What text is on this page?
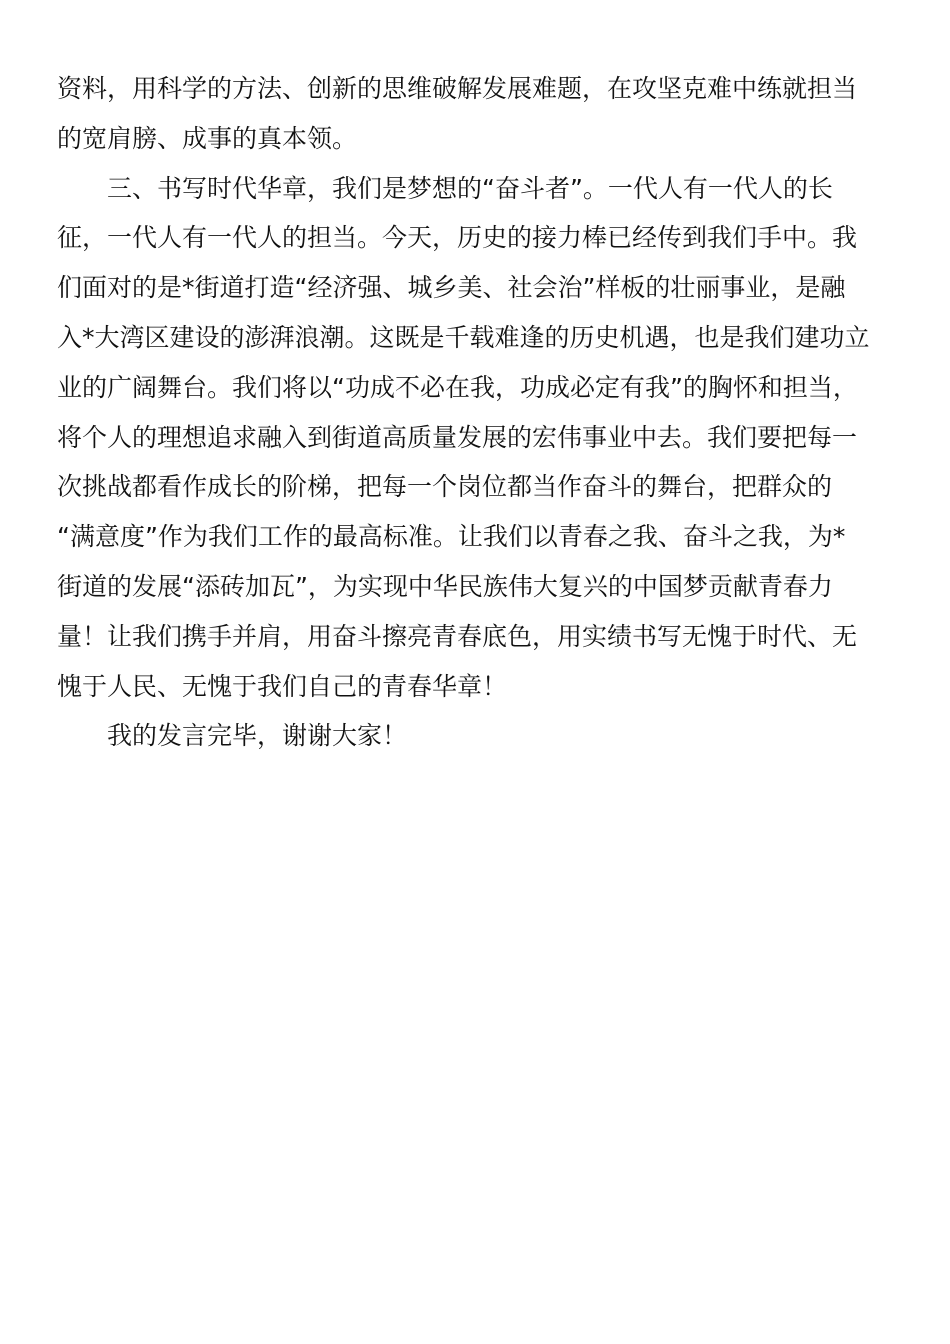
资料，用科学的方法、创新的思维破解发展难题，在攻坚克难中练就担当
的宽肩膀、成事的真本领。
三、书写时代华章，我们是梦想的“奋斗者”。一代人有一代人的长
征，一代人有一代人的担当。今天，历史的接力棒已经传到我们手中。我
们面对的是*街道打造“经济强、城乡美、社会治”样板的壮丽事业，是融
入*大湾区建设的澎湃浪潮。这既是千载难逢的历史机遇，也是我们建功立
业的广阔舞台。我们将以“功成不必在我，功成必定有我”的胸怀和担当，
将个人的理想追求融入到街道高质量发展的宏伟事业中去。我们要把每一
次挑战都看作成长的阶梯，把每一个岗位都当作奋斗的舞台，把群众的
“满意度”作为我们工作的最高标准。让我们以青春之我、奋斗之我，为*
街道的发展“添砖加瓦”，为实现中华民族伟大复兴的中国梦贡献青春力
量！让我们携手并肩，用奋斗擦亮青春底色，用实绩书写无愧于时代、无
愧于人民、无愧于我们自己的青春华章！
我的发言完毕，谢谢大家！
